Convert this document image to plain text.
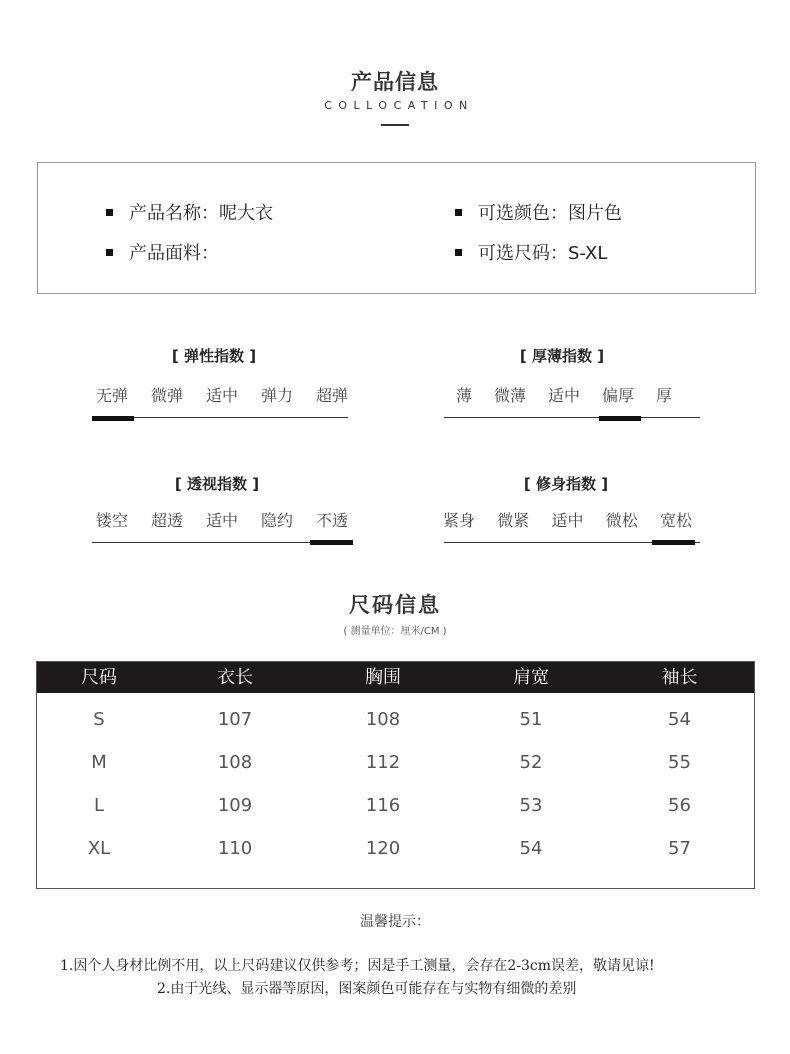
产品信息
COLLOCATION
产品名称：呢大衣
产品面料：
可选颜色：图片色
可选尺码：S-XL
[ 弹性指数 ]
无弹 微弹 适中 弹力 超弹
[ 厚薄指数 ]
薄 微薄 适中 偏厚 厚
[ 透视指数 ]
镂空 超透 适中 隐约 不透
[ 修身指数 ]
紧身 微紧 适中 微松 宽松
尺码信息
( 测量单位：厘米/CM )
尺码	衣长	胸围	肩宽	袖长
S	107	108	51	54
M	108	112	52	55
L	109	116	53	56
XL	110	120	54	57
温馨提示：
1.因个人身材比例不用，以上尺码建议仅供参考；因是手工测量，会存在2-3cm误差，敬请见谅!
2.由于光线、显示器等原因，图案颜色可能存在与实物有细微的差别
